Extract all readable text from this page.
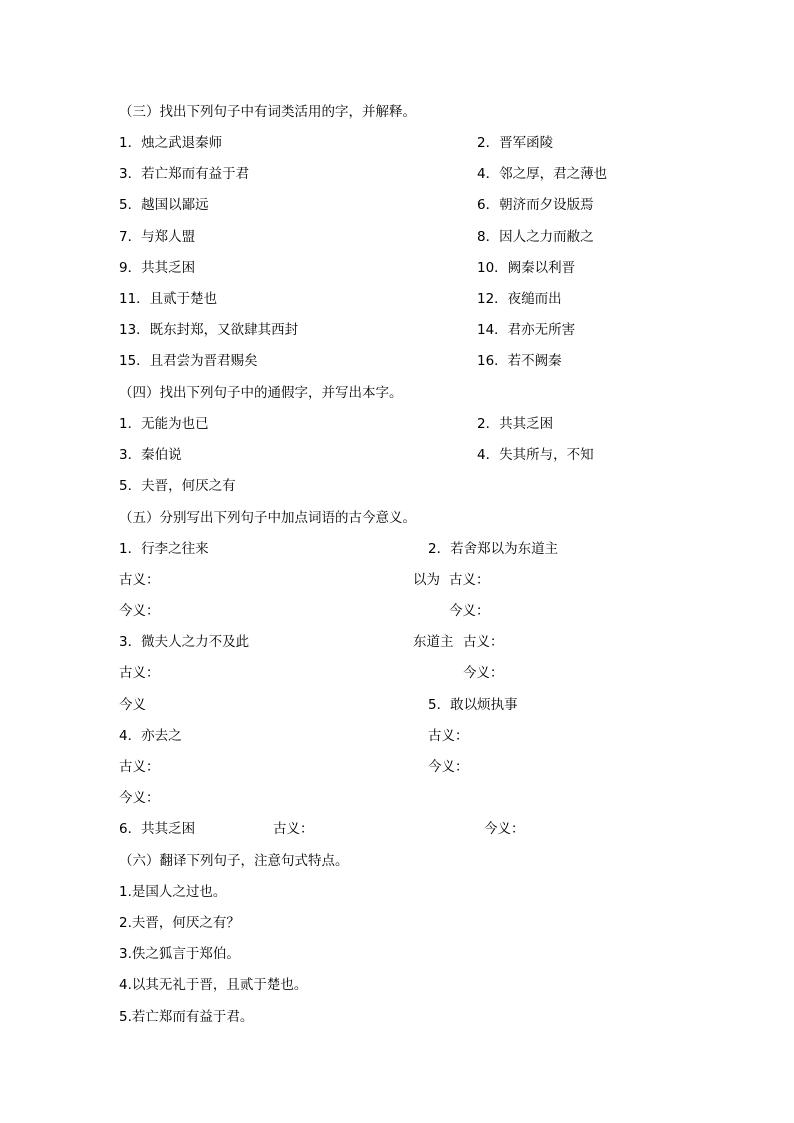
（三）找出下列句子中有词类活用的字，并解释。
1．烛之武退秦师	2．晋军函陵
3．若亡郑而有益于君	4．邻之厚，君之薄也
5．越国以鄙远	6．朝济而夕设版焉
7．与郑人盟	8．因人之力而敝之
9．共其乏困	10．阙秦以利晋
11．且贰于楚也	12．夜缒而出
13．既东封郑，又欲肆其西封	14．君亦无所害
15．且君尝为晋君赐矣	16．若不阙秦
（四）找出下列句子中的通假字，并写出本字。
1．无能为也已	2．共其乏困
3．秦伯说	4．失其所与，不知
5．夫晋，何厌之有
（五）分别写出下列句子中加点词语的古今意义。
1．行李之往来	2．若舍郑以为东道主
古义：	以为 古义：
今义：	今义：
3．微夫人之力不及此	东道主 古义：
古义：	今义：
今义	5．敢以烦执事
4．亦去之	古义：
古义：	今义：
今义：
6．共其乏困	古义：	今义：
（六）翻译下列句子，注意句式特点。
1.是国人之过也。
2.夫晋，何厌之有？
3.佚之狐言于郑伯。
4.以其无礼于晋，且贰于楚也。
5.若亡郑而有益于君。
